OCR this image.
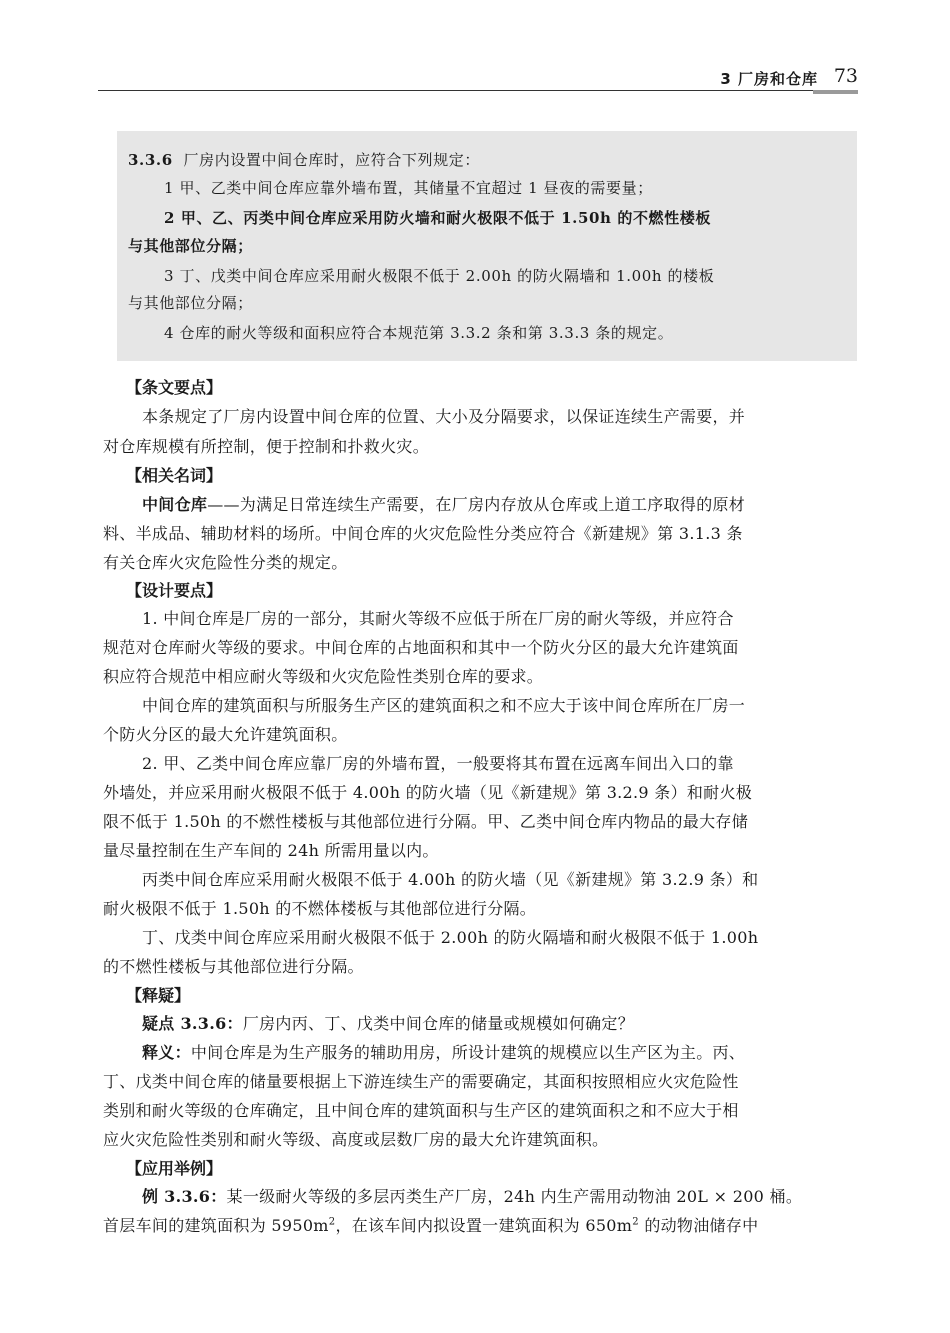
3 厂房和仓库 73
3.3.6 厂房内设置中间仓库时，应符合下列规定：
1 甲、乙类中间仓库应靠外墙布置，其储量不宜超过 1 昼夜的需要量；
2 甲、乙、丙类中间仓库应采用防火墙和耐火极限不低于 1.50h 的不燃性楼板
与其他部位分隔；
3 丁、戊类中间仓库应采用耐火极限不低于 2.00h 的防火隔墙和 1.00h 的楼板
与其他部位分隔；
4 仓库的耐火等级和面积应符合本规范第 3.3.2 条和第 3.3.3 条的规定。
【条文要点】
本条规定了厂房内设置中间仓库的位置、大小及分隔要求，以保证连续生产需要，并
对仓库规模有所控制，便于控制和扑救火灾。
【相关名词】
中间仓库——为满足日常连续生产需要，在厂房内存放从仓库或上道工序取得的原材
料、半成品、辅助材料的场所。中间仓库的火灾危险性分类应符合《新建规》第 3.1.3 条
有关仓库火灾危险性分类的规定。
【设计要点】
1. 中间仓库是厂房的一部分，其耐火等级不应低于所在厂房的耐火等级，并应符合
规范对仓库耐火等级的要求。中间仓库的占地面积和其中一个防火分区的最大允许建筑面
积应符合规范中相应耐火等级和火灾危险性类别仓库的要求。
中间仓库的建筑面积与所服务生产区的建筑面积之和不应大于该中间仓库所在厂房一
个防火分区的最大允许建筑面积。
2. 甲、乙类中间仓库应靠厂房的外墙布置，一般要将其布置在远离车间出入口的靠
外墙处，并应采用耐火极限不低于 4.00h 的防火墙（见《新建规》第 3.2.9 条）和耐火极
限不低于 1.50h 的不燃性楼板与其他部位进行分隔。甲、乙类中间仓库内物品的最大存储
量尽量控制在生产车间的 24h 所需用量以内。
丙类中间仓库应采用耐火极限不低于 4.00h 的防火墙（见《新建规》第 3.2.9 条）和
耐火极限不低于 1.50h 的不燃体楼板与其他部位进行分隔。
丁、戊类中间仓库应采用耐火极限不低于 2.00h 的防火隔墙和耐火极限不低于 1.00h
的不燃性楼板与其他部位进行分隔。
【释疑】
疑点 3.3.6：厂房内丙、丁、戊类中间仓库的储量或规模如何确定？
释义：中间仓库是为生产服务的辅助用房，所设计建筑的规模应以生产区为主。丙、
丁、戊类中间仓库的储量要根据上下游连续生产的需要确定，其面积按照相应火灾危险性
类别和耐火等级的仓库确定，且中间仓库的建筑面积与生产区的建筑面积之和不应大于相
应火灾危险性类别和耐火等级、高度或层数厂房的最大允许建筑面积。
【应用举例】
例 3.3.6：某一级耐火等级的多层丙类生产厂房，24h 内生产需用动物油 20L × 200 桶。
首层车间的建筑面积为 $5950m^2$，在该车间内拟设置一建筑面积为 $650m^2$ 的动物油储存中
